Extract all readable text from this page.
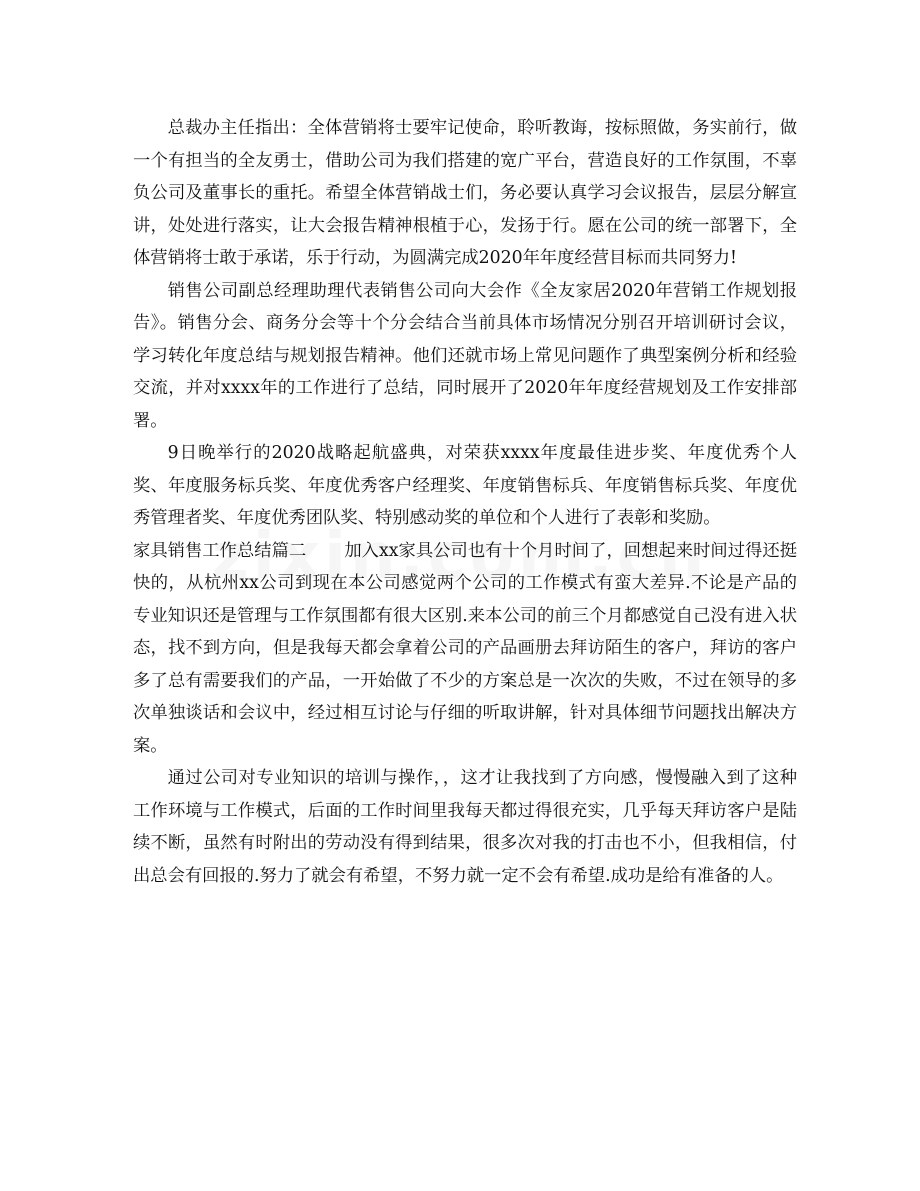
总裁办主任指出：全体营销将士要牢记使命，聆听教诲，按标照做，务实前行，做一个有担当的全友勇士，借助公司为我们搭建的宽广平台，营造良好的工作氛围，不辜负公司及董事长的重托。希望全体营销战士们，务必要认真学习会议报告，层层分解宣讲，处处进行落实，让大会报告精神根植于心，发扬于行。愿在公司的统一部署下，全体营销将士敢于承诺，乐于行动，为圆满完成2020年年度经营目标而共同努力!

销售公司副总经理助理代表销售公司向大会作《全友家居2020年营销工作规划报告》。销售分会、商务分会等十个分会结合当前具体市场情况分别召开培训研讨会议，学习转化年度总结与规划报告精神。他们还就市场上常见问题作了典型案例分析和经验交流，并对xxxx年的工作进行了总结，同时展开了2020年年度经营规划及工作安排部署。

9日晚举行的2020战略起航盛典，对荣获xxxx年度最佳进步奖、年度优秀个人奖、年度服务标兵奖、年度优秀客户经理奖、年度销售标兵、年度销售标兵奖、年度优秀管理者奖、年度优秀团队奖、特别感动奖的单位和个人进行了表彰和奖励。

家具销售工作总结篇二 加入xx家具公司也有十个月时间了，回想起来时间过得还挺快的，从杭州xx公司到现在本公司感觉两个公司的工作模式有蛮大差异.不论是产品的专业知识还是管理与工作氛围都有很大区别.来本公司的前三个月都感觉自己没有进入状态，找不到方向，但是我每天都会拿着公司的产品画册去拜访陌生的客户，拜访的客户多了总有需要我们的产品，一开始做了不少的方案总是一次次的失败，不过在领导的多次单独谈话和会议中，经过相互讨论与仔细的听取讲解，针对具体细节问题找出解决方案。

通过公司对专业知识的培训与操作，，这才让我找到了方向感，慢慢融入到了这种工作环境与工作模式，后面的工作时间里我每天都过得很充实，几乎每天拜访客户是陆续不断，虽然有时附出的劳动没有得到结果，很多次对我的打击也不小，但我相信，付出总会有回报的.努力了就会有希望，不努力就一定不会有希望.成功是给有准备的人。
